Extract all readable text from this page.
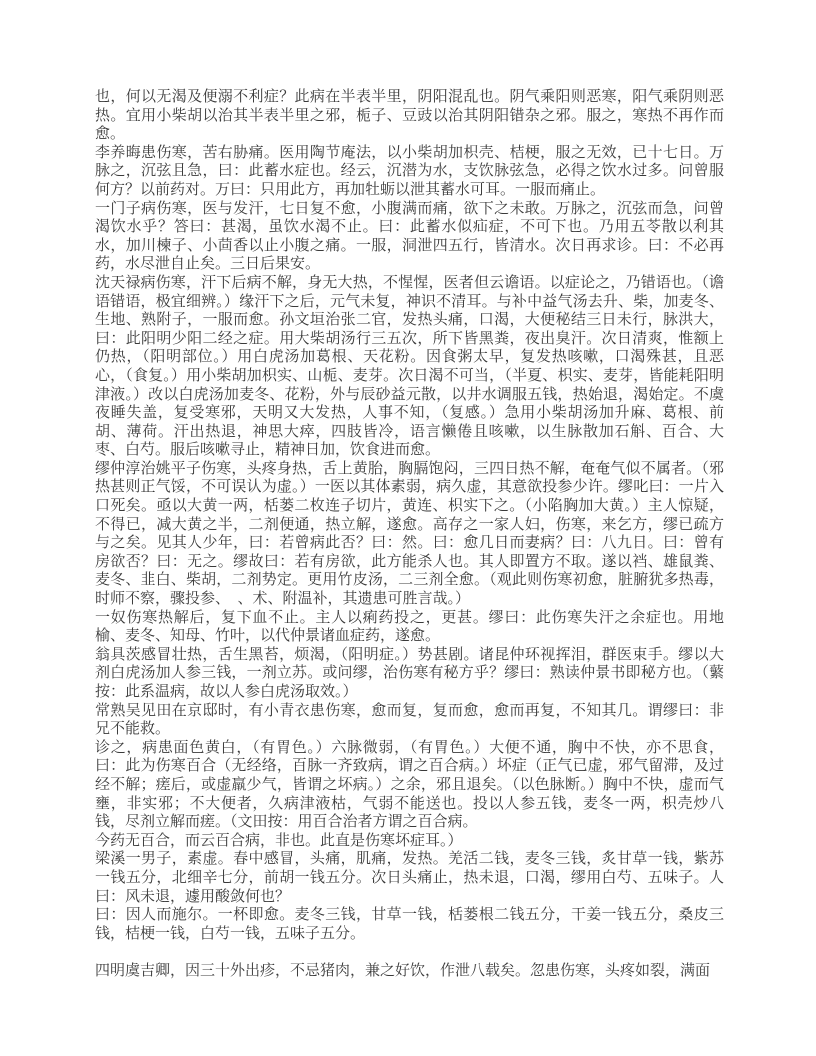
也，何以无渴及便溺不利症？此病在半表半里，阴阳混乱也。阴气乘阳则恶寒，阳气乘阴则恶热。宜用小柴胡以治其半表半里之邪，栀子、豆豉以治其阴阳错杂之邪。服之，寒热不再作而愈。

李养晦患伤寒，苦右胁痛。医用陶节庵法，以小柴胡加枳壳、桔梗，服之无效，已十七日。万脉之，沉弦且急，曰：此蓄水症也。经云，沉潜为水，支饮脉弦急，必得之饮水过多。问曾服何方？以前药对。万曰：只用此方，再加牡蛎以泄其蓄水可耳。一服而痛止。

一门子病伤寒，医与发汗，七日复不愈，小腹满而痛，欲下之未敢。万脉之，沉弦而急，问曾渴饮水乎？答曰：甚渴，虽饮水渴不止。曰：此蓄水似疝症，不可下也。乃用五苓散以利其水，加川楝子、小茴香以止小腹之痛。一服，洞泄四五行，皆清水。次日再求诊。曰：不必再药，水尽泄自止矣。三日后果安。

沈天禄病伤寒，汗下后病不解，身无大热，不惺惺，医者但云谵语。以症论之，乃错语也。（谵语错语，极宜细辨。）缘汗下之后，元气未复，神识不清耳。与补中益气汤去升、柴，加麦冬、生地、熟附子，一服而愈。孙文垣治张二官，发热头痛，口渴，大便秘结三日未行，脉洪大，曰：此阳明少阳二经之症。用大柴胡汤行三五次，所下皆黑粪，夜出臭汗。次日清爽，惟额上仍热，（阳明部位。）用白虎汤加葛根、天花粉。因食粥太早，复发热咳嗽，口渴殊甚，且恶心，（食复。）用小柴胡加枳实、山栀、麦芽。次日渴不可当，（半夏、枳实、麦芽，皆能耗阳明津液。）改以白虎汤加麦冬、花粉，外与辰砂益元散，以井水调服五钱，热始退，渴始定。不虞夜睡失盖，复受寒邪，天明又大发热，人事不知，（复感。）急用小柴胡汤加升麻、葛根、前胡、薄荷。汗出热退，神思大瘁，四肢皆冷，语言懒倦且咳嗽，以生脉散加石斛、百合、大枣、白芍。服后咳嗽寻止，精神日加，饮食进而愈。

缪仲淳治姚平子伤寒，头疼身热，舌上黄胎，胸膈饱闷，三四日热不解，奄奄气似不属者。（邪热甚则正气馁，不可误认为虚。）一医以其体素弱，病久虚，其意欲投参少许。缪叱曰：一片入口死矣。亟以大黄一两，栝蒌二枚连子切片，黄连、枳实下之。（小陷胸加大黄。）主人惊疑，不得已，减大黄之半，二剂便通，热立解，遂愈。高存之一家人妇，伤寒，来乞方，缪已疏方与之矣。见其人少年，曰：若曾病此否？曰：然。曰：愈几日而妻病？曰：八九日。曰：曾有房欲否？曰：无之。缪故曰：若有房欲，此方能杀人也。其人即置方不取。遂以裆、雄鼠粪、麦冬、韭白、柴胡，二剂势定。更用竹皮汤，二三剂全愈。（观此则伤寒初愈，脏腑犹多热毒，时师不察，骤投参、　、术、附温补，其遗患可胜言哉。）

一奴伤寒热解后，复下血不止。主人以痢药投之，更甚。缪曰：此伤寒失汗之余症也。用地榆、麦冬、知母、竹叶，以代仲景诸血症药，遂愈。

翁具茨感冒壮热，舌生黑苔，烦渴，（阳明症。）势甚剧。诸昆仲环视挥泪，群医束手。缪以大剂白虎汤加人参三钱，一剂立苏。或问缪，治伤寒有秘方乎？缪曰：熟读仲景书即秘方也。（蘩按：此系温病，故以人参白虎汤取效。）

常熟吴见田在京邸时，有小青衣患伤寒，愈而复，复而愈，愈而再复，不知其几。谓缪曰：非兄不能救。

诊之，病患面色黄白，（有胃色。）六脉微弱，（有胃色。）大便不通，胸中不快，亦不思食，曰：此为伤寒百合（无经络，百脉一齐致病，谓之百合病。）坏症（正气已虚，邪气留滞，及过经不解；瘥后，或虚羸少气，皆谓之坏病。）之余，邪且退矣。（以色脉断。）胸中不快，虚而气壅，非实邪；不大便者，久病津液枯，气弱不能送也。投以人参五钱，麦冬一两，枳壳炒八钱，尽剂立解而瘥。（文田按：用百合治者方谓之百合病。

今药无百合，而云百合病，非也。此直是伤寒坏症耳。）

梁溪一男子，素虚。春中感冒，头痛，肌痛，发热。羌活二钱，麦冬三钱，炙甘草一钱，紫苏一钱五分，北细辛七分，前胡一钱五分。次日头痛止，热未退，口渴，缪用白芍、五味子。人曰：风未退，遽用酸敛何也？

曰：因人而施尔。一杯即愈。麦冬三钱，甘草一钱，栝蒌根二钱五分，干姜一钱五分，桑皮三钱，桔梗一钱，白芍一钱，五味子五分。

四明虞吉卿，因三十外出疹，不忌猪肉，兼之好饮，作泄八载矣。忽患伤寒，头疼如裂，满面
